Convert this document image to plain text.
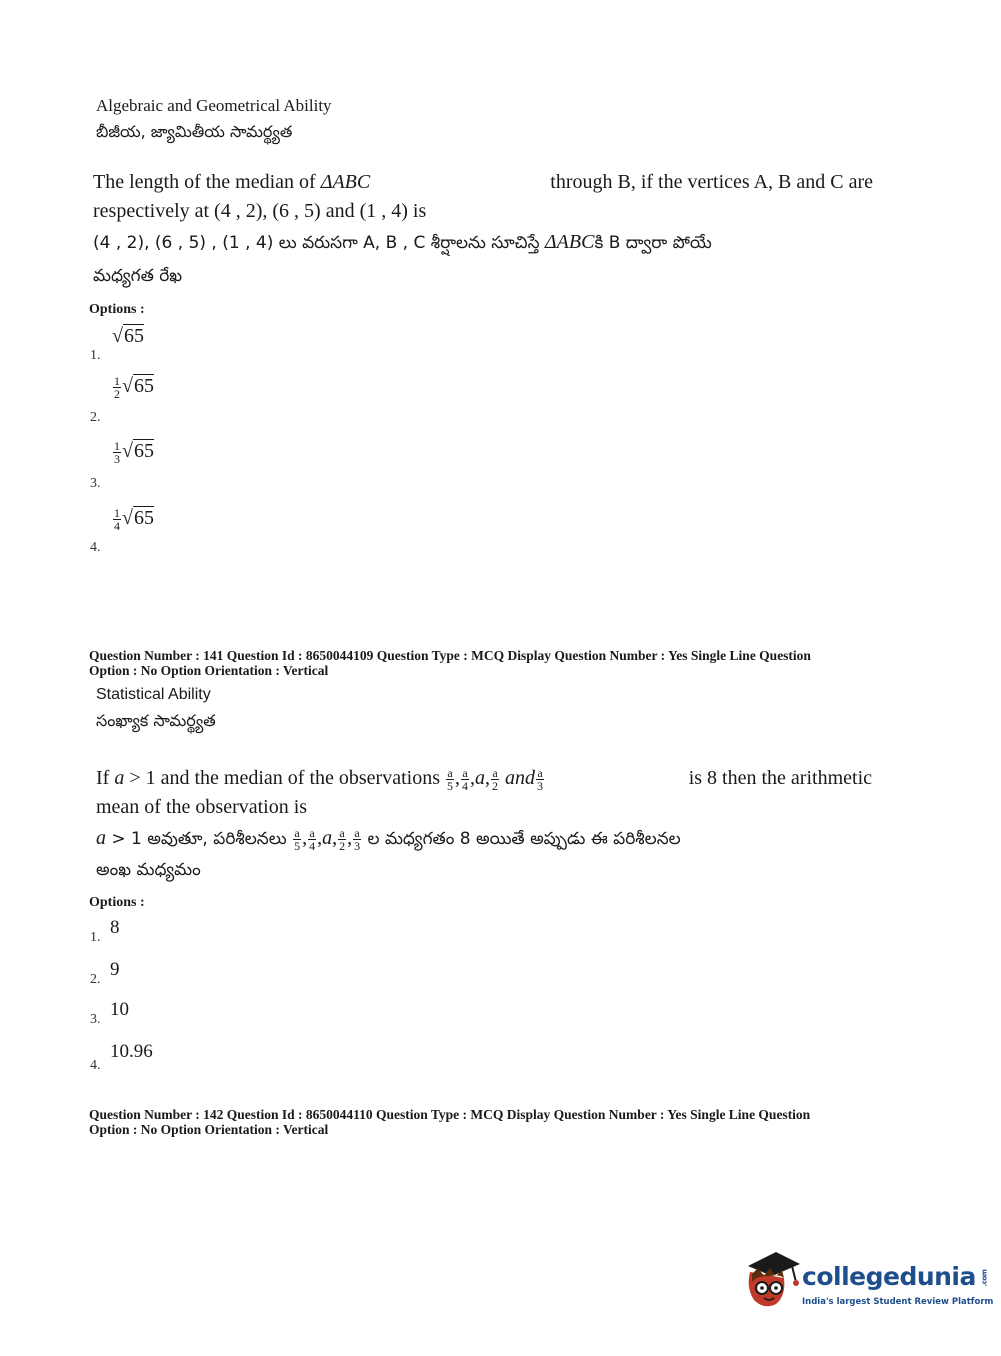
Algebraic and Geometrical Ability
బీజీయ, జ్యామితీయ సామర్థ్యత
The length of the median of ΔABC	through B, if the vertices A, B and C are
respectively at (4 , 2), (6 , 5) and (1 , 4) is
(4 , 2), (6 , 5) , (1 , 4) లు వరుసగా A, B , C శీర్షాలను సూచిస్తే ΔABCకి B ద్వారా పోయే
మధ్యగత రేఖ
Options :
1.
√65
2.
$\frac{1}{2} √65$
3.
$\frac{1}{3} √65$
4.
$\frac{1}{4} √65$
Question Number : 141 Question Id : 8650044109 Question Type : MCQ Display Question Number : Yes Single Line Question
Option : No Option Orientation : Vertical
Statistical Ability
సంఖ్యాక సామర్థ్యత
If a > 1 and the median of the observations $\frac{a}{5}$ , $\frac{a}{4} ,a$, $\frac{a}{2}$ and $\frac{a}{3}$	is 8 then the arithmetic
mean of the observation is
a > 1 అవుతూ, పరిశీలనలు $\frac{a}{5}$ , $\frac{a}{4} ,a$, $\frac{a}{2}$ , $\frac{a}{3}$ ల మధ్యగతం 8 అయితే అప్పుడు ఈ పరిశీలనల
అంఖ మధ్యమం
Options :
1. 8
2. 9
3. 10
4.
10.96
Question Number : 142 Question Id : 8650044110 Question Type : MCQ Display Question Number : Yes Single Line Question
Option : No Option Orientation : Vertical
collegedunia .com
India's largest Student Review Platform
